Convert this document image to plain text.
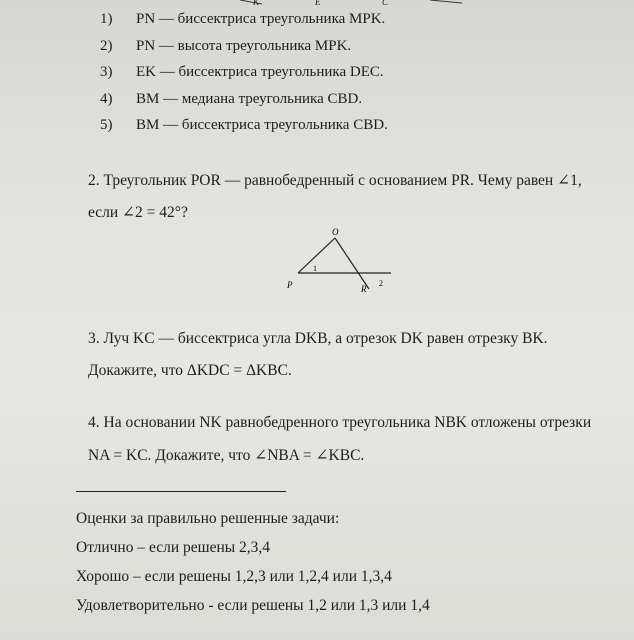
K	E	C
1) PN — биссектриса треугольника MPK.
2) PN — высота треугольника MPK.
3) EK — биссектриса треугольника DEC.
4) BM — медиана треугольника CBD.
5) BM — биссектриса треугольника CBD.
2. Треугольник POR — равнобедренный с основанием PR. Чему равен ∠1,
если ∠2 = 42°?
O
P	R
1
2
3. Луч KC — биссектриса угла DKB, а отрезок DK равен отрезку BK.
Докажите, что ΔKDC = ΔKBC.
4. На основании NK равнобедренного треугольника NBK отложены отрезки
NA = KC. Докажите, что ∠NBA = ∠KBC.
Оценки за правильно решенные задачи:
Отлично – если решены 2,3,4
Хорошо – если решены 1,2,3 или 1,2,4 или 1,3,4
Удовлетворительно - если решены 1,2 или 1,3 или 1,4
